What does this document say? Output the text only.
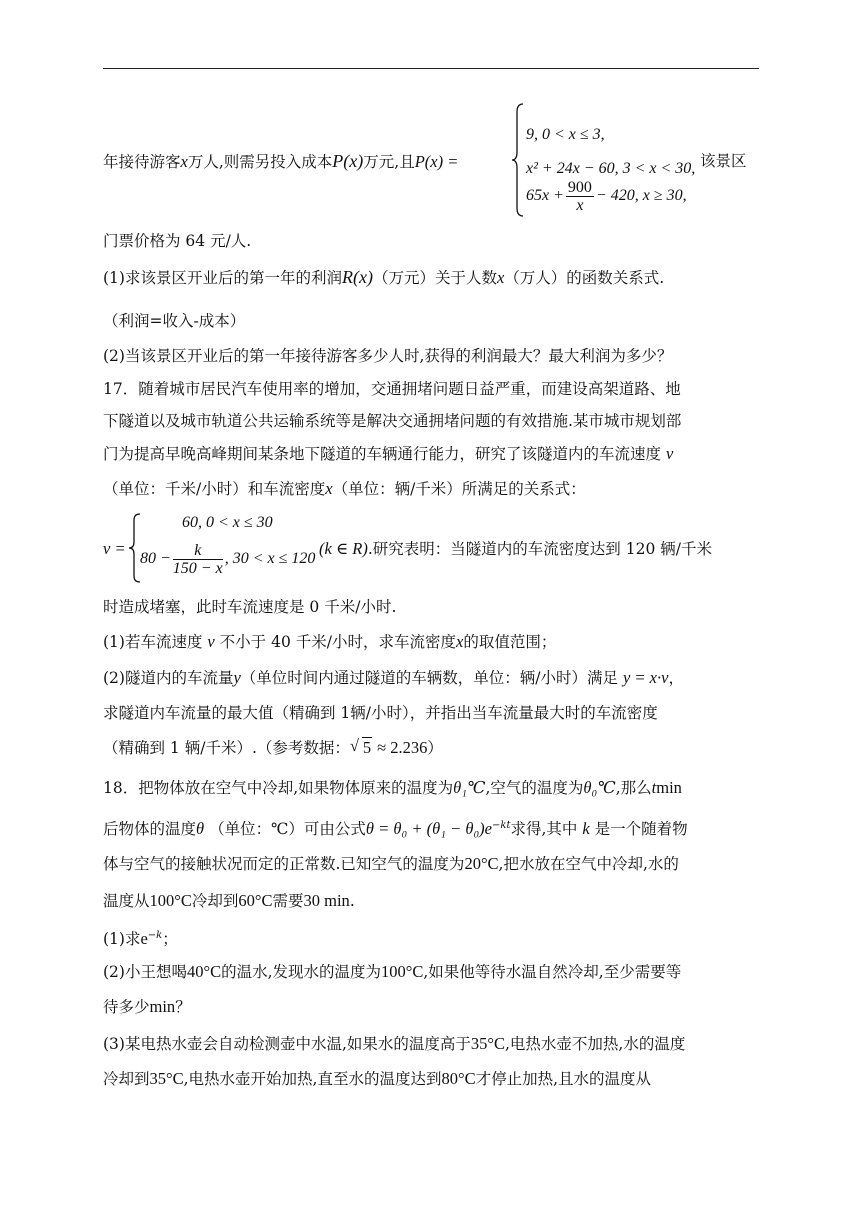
年接待游客x万人,则需另投入成本P(x)万元,且P(x) =
9, 0 < x ≤ 3,
x² + 24x − 60, 3 < x < 30,
$65x + \frac{900}{x} - 420$, x ≥ 30,
该景区
门票价格为 64 元/人.
(1)求该景区开业后的第一年的利润R(x)（万元）关于人数x（万人）的函数关系式.
（利润=收入-成本）
(2)当该景区开业后的第一年接待游客多少人时,获得的利润最大？最大利润为多少？
17．随着城市居民汽车使用率的增加，交通拥堵问题日益严重，而建设高架道路、地
下隧道以及城市轨道公共运输系统等是解决交通拥堵问题的有效措施.某市城市规划部
门为提高早晚高峰期间某条地下隧道的车辆通行能力，研究了该隧道内的车流速度 v
（单位：千米/小时）和车流密度x（单位：辆/千米）所满足的关系式：
v =
60, 0 < x ≤ 30
$80 - \frac{k}{150 - x}$ , 30 < x ≤ 120
(k ∈ R).研究表明：当隧道内的车流密度达到 120 辆/千米
时造成堵塞，此时车流速度是 0 千米/小时.
(1)若车流速度 v 不小于 40 千米/小时，求车流密度x的取值范围；
(2)隧道内的车流量y（单位时间内通过隧道的车辆数，单位：辆/小时）满足 y = x·v，
求隧道内车流量的最大值（精确到 1辆/小时），并指出当车流量最大时的车流密度
（精确到 1 辆/千米）.（参考数据：√ 5 ≈ 2.236）
18．把物体放在空气中冷却,如果物体原来的温度为θ₁℃,空气的温度为θ₀℃,那么tmin
后物体的温度θ （单位：℃）可由公式$\theta = \theta_0 + (\theta_1 - \theta_0)e^{-kt}$求得,其中 k 是一个随着物
体与空气的接触状况而定的正常数.已知空气的温度为20°C,把水放在空气中冷却,水的
温度从100°C冷却到60°C需要30 min.
(1)求$e^{-k}$；
(2)小王想喝40°C的温水,发现水的温度为100°C,如果他等待水温自然冷却,至少需要等
待多少min？
(3)某电热水壶会自动检测壶中水温,如果水的温度高于35°C,电热水壶不加热,水的温度
冷却到35°C,电热水壶开始加热,直至水的温度达到80°C才停止加热,且水的温度从
